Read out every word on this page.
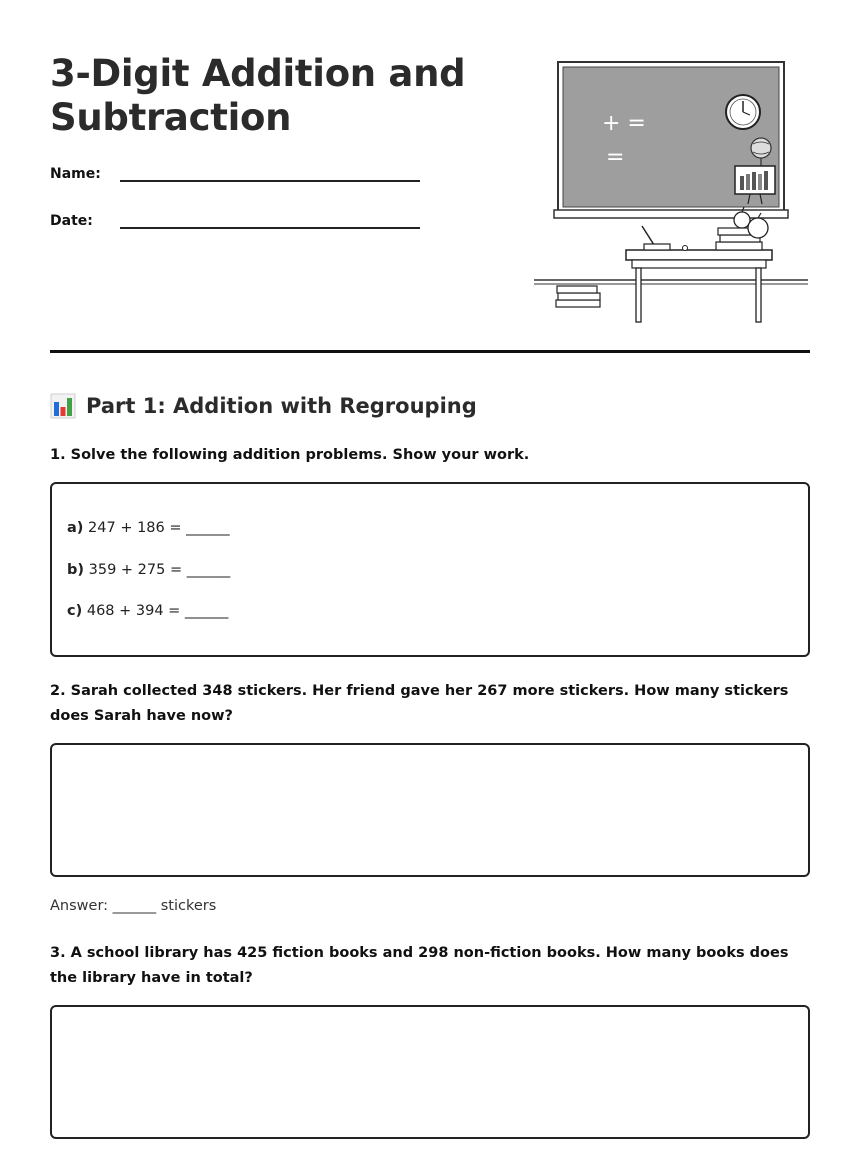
3-Digit Addition and Subtraction
Name:
Date:
+ =
=
Part 1: Addition with Regrouping

1. Solve the following addition problems. Show your work.

a) 247 + 186 = ______
b) 359 + 275 = ______
c) 468 + 394 = ______

2. Sarah collected 348 stickers. Her friend gave her 267 more stickers. How many stickers does Sarah have now?

Answer: ______ stickers

3. A school library has 425 fiction books and 298 non-fiction books. How many books does the library have in total?
